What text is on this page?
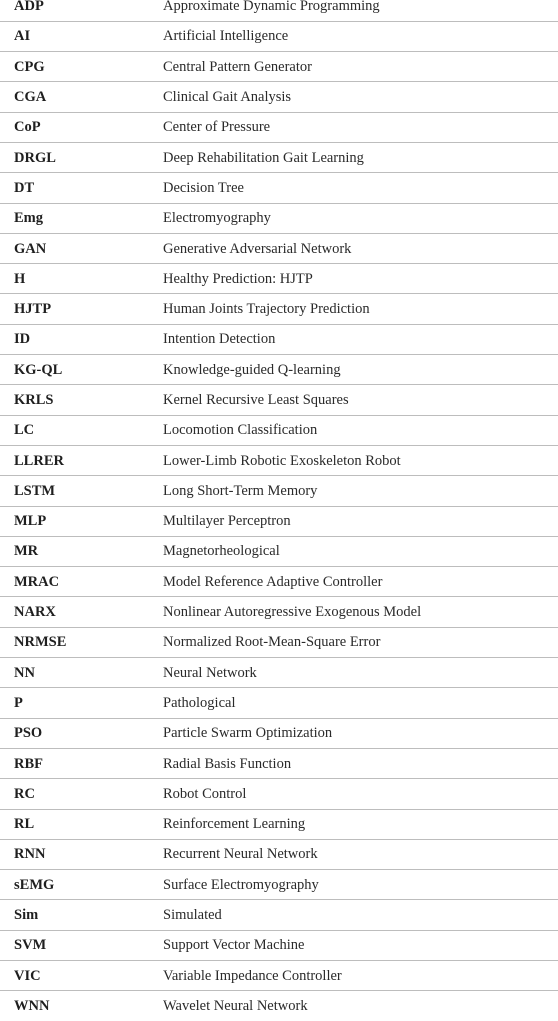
ADP	Approximate Dynamic Programming
AI	Artificial Intelligence
CPG	Central Pattern Generator
CGA	Clinical Gait Analysis
CoP	Center of Pressure
DRGL	Deep Rehabilitation Gait Learning
DT	Decision Tree
Emg	Electromyography
GAN	Generative Adversarial Network
H	Healthy Prediction: HJTP
HJTP	Human Joints Trajectory Prediction
ID	Intention Detection
KG-QL	Knowledge-guided Q-learning
KRLS	Kernel Recursive Least Squares
LC	Locomotion Classification
LLRER	Lower-Limb Robotic Exoskeleton Robot
LSTM	Long Short-Term Memory
MLP	Multilayer Perceptron
MR	Magnetorheological
MRAC	Model Reference Adaptive Controller
NARX	Nonlinear Autoregressive Exogenous Model
NRMSE	Normalized Root-Mean-Square Error
NN	Neural Network
P	Pathological
PSO	Particle Swarm Optimization
RBF	Radial Basis Function
RC	Robot Control
RL	Reinforcement Learning
RNN	Recurrent Neural Network
sEMG	Surface Electromyography
Sim	Simulated
SVM	Support Vector Machine
VIC	Variable Impedance Controller
WNN	Wavelet Neural Network
